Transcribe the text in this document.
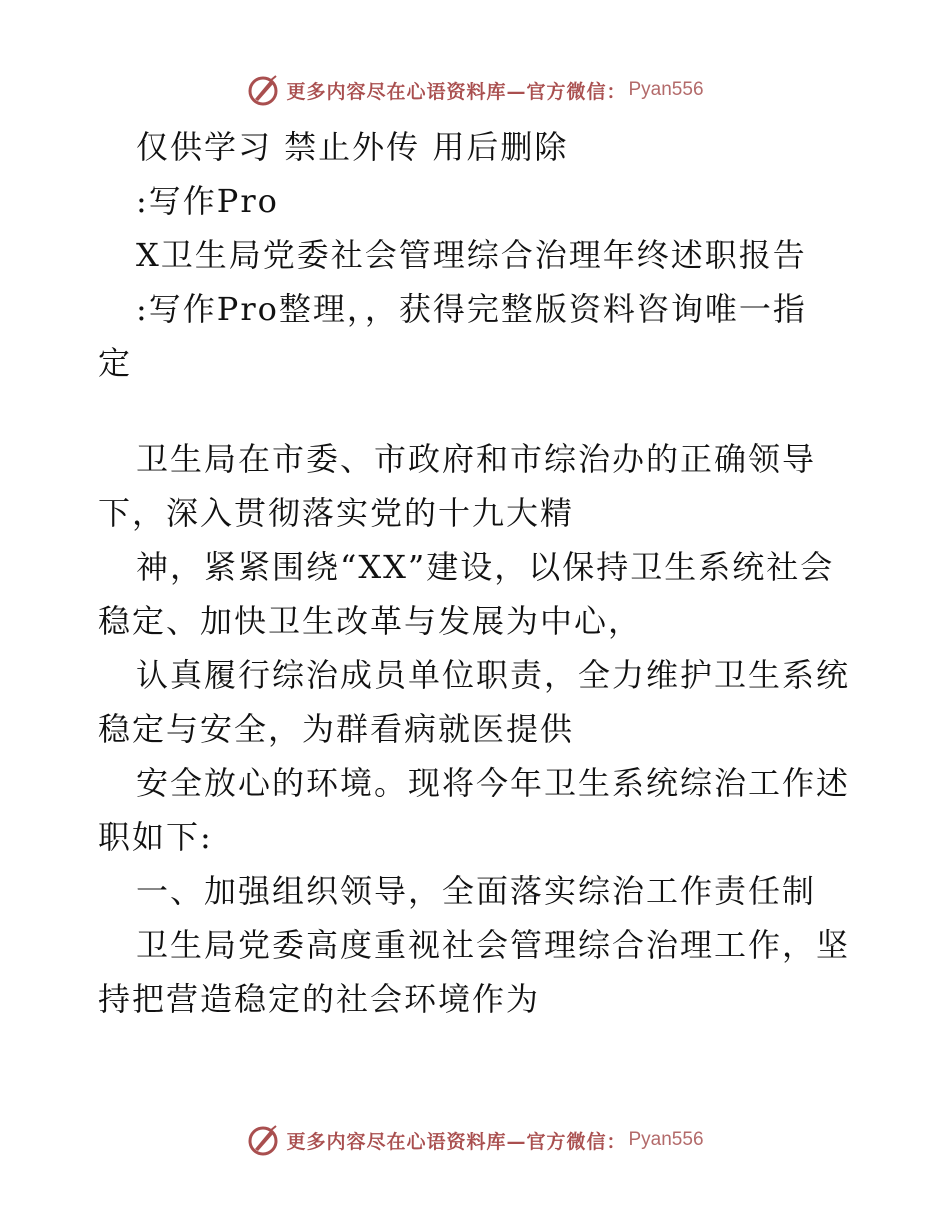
更多内容尽在心语资料库—官方微信： Pyan556
仅供学习 禁止外传 用后删除
:写作Pro
X卫生局党委社会管理综合治理年终述职报告
:写作Pro整理，，获得完整版资料咨询唯一指
定
卫生局在市委、市政府和市综治办的正确领导
下，深入贯彻落实党的十九大精
神，紧紧围绕“XX”建设，以保持卫生系统社会
稳定、加快卫生改革与发展为中心，
认真履行综治成员单位职责，全力维护卫生系统
稳定与安全，为群看病就医提供
安全放心的环境。现将今年卫生系统综治工作述
职如下:
一、加强组织领导，全面落实综治工作责任制
卫生局党委高度重视社会管理综合治理工作，坚
持把营造稳定的社会环境作为
更多内容尽在心语资料库—官方微信： Pyan556
